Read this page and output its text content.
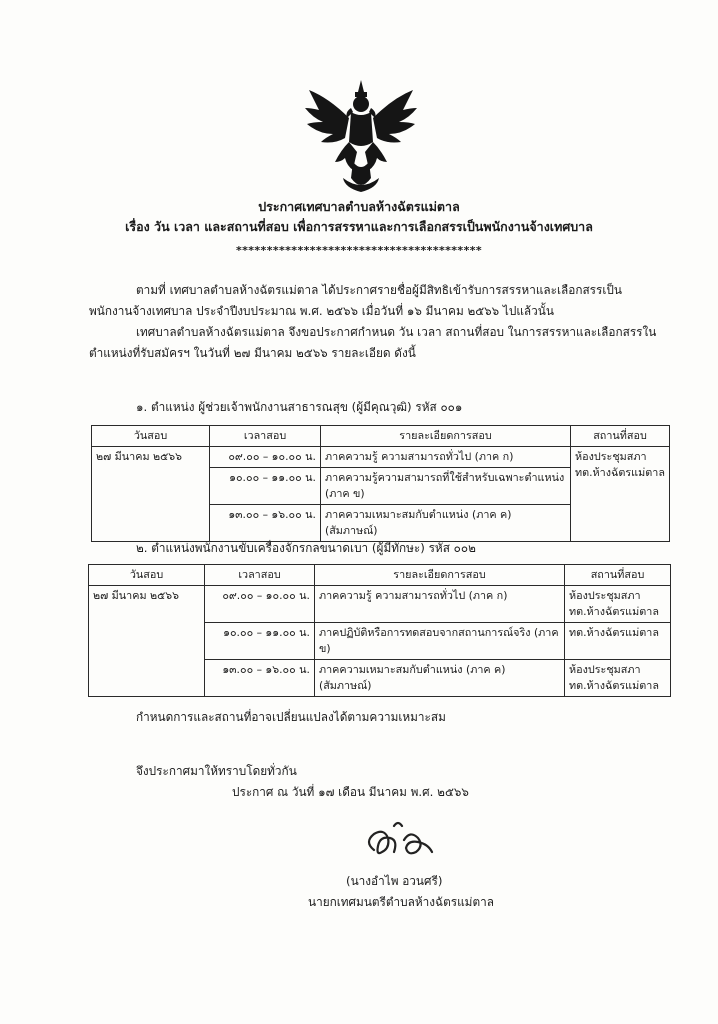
ประกาศเทศบาลตำบลห้างฉัตรแม่ตาล
เรื่อง วัน เวลา และสถานที่สอบ เพื่อการสรรหาและการเลือกสรรเป็นพนักงานจ้างเทศบาล
****************************************
ตามที่ เทศบาลตำบลห้างฉัตรแม่ตาล ได้ประกาศรายชื่อผู้มีสิทธิเข้ารับการสรรหาและเลือกสรรเป็น
พนักงานจ้างเทศบาล ประจำปีงบประมาณ พ.ศ. ๒๕๖๖ เมื่อวันที่ ๑๖ มีนาคม ๒๕๖๖ ไปแล้วนั้น
เทศบาลตำบลห้างฉัตรแม่ตาล จึงขอประกาศกำหนด วัน เวลา สถานที่สอบ ในการสรรหาและเลือกสรรใน
ตำแหน่งที่รับสมัครฯ ในวันที่ ๒๗ มีนาคม ๒๕๖๖ รายละเอียด ดังนี้
๑. ตำแหน่ง ผู้ช่วยเจ้าพนักงานสาธารณสุข (ผู้มีคุณวุฒิ) รหัส ๐๐๑
วันสอบ	เวลาสอบ	รายละเอียดการสอบ	สถานที่สอบ
๒๗ มีนาคม ๒๕๖๖	๐๙.๐๐ – ๑๐.๐๐ น.	ภาคความรู้ ความสามารถทั่วไป (ภาค ก)	ห้องประชุมสภา
ทต.ห้างฉัตรแม่ตาล
	๑๐.๐๐ – ๑๑.๐๐ น.	ภาคความรู้ความสามารถที่ใช้สำหรับเฉพาะตำแหน่ง
(ภาค ข)	
	๑๓.๐๐ – ๑๖.๐๐ น.	ภาคความเหมาะสมกับตำแหน่ง (ภาค ค) (สัมภาษณ์)	
๒. ตำแหน่งพนักงานขับเครื่องจักรกลขนาดเบา (ผู้มีทักษะ) รหัส ๐๐๒
วันสอบ	เวลาสอบ	รายละเอียดการสอบ	สถานที่สอบ
๒๗ มีนาคม ๒๕๖๖	๐๙.๐๐ – ๑๐.๐๐ น.	ภาคความรู้ ความสามารถทั่วไป (ภาค ก)	ห้องประชุมสภา
ทต.ห้างฉัตรแม่ตาล
	๑๐.๐๐ – ๑๑.๐๐ น.	ภาคปฏิบัติหรือการทดสอบจากสถานการณ์จริง (ภาค ข)	ทต.ห้างฉัตรแม่ตาล
	๑๓.๐๐ – ๑๖.๐๐ น.	ภาคความเหมาะสมกับตำแหน่ง (ภาค ค) (สัมภาษณ์)	ห้องประชุมสภา
ทต.ห้างฉัตรแม่ตาล
กำหนดการและสถานที่อาจเปลี่ยนแปลงได้ตามความเหมาะสม
จึงประกาศมาให้ทราบโดยทั่วกัน
ประกาศ ณ วันที่ ๑๗ เดือน มีนาคม พ.ศ. ๒๕๖๖
(นางอำไพ อวนศรี)
นายกเทศมนตรีตำบลห้างฉัตรแม่ตาล
